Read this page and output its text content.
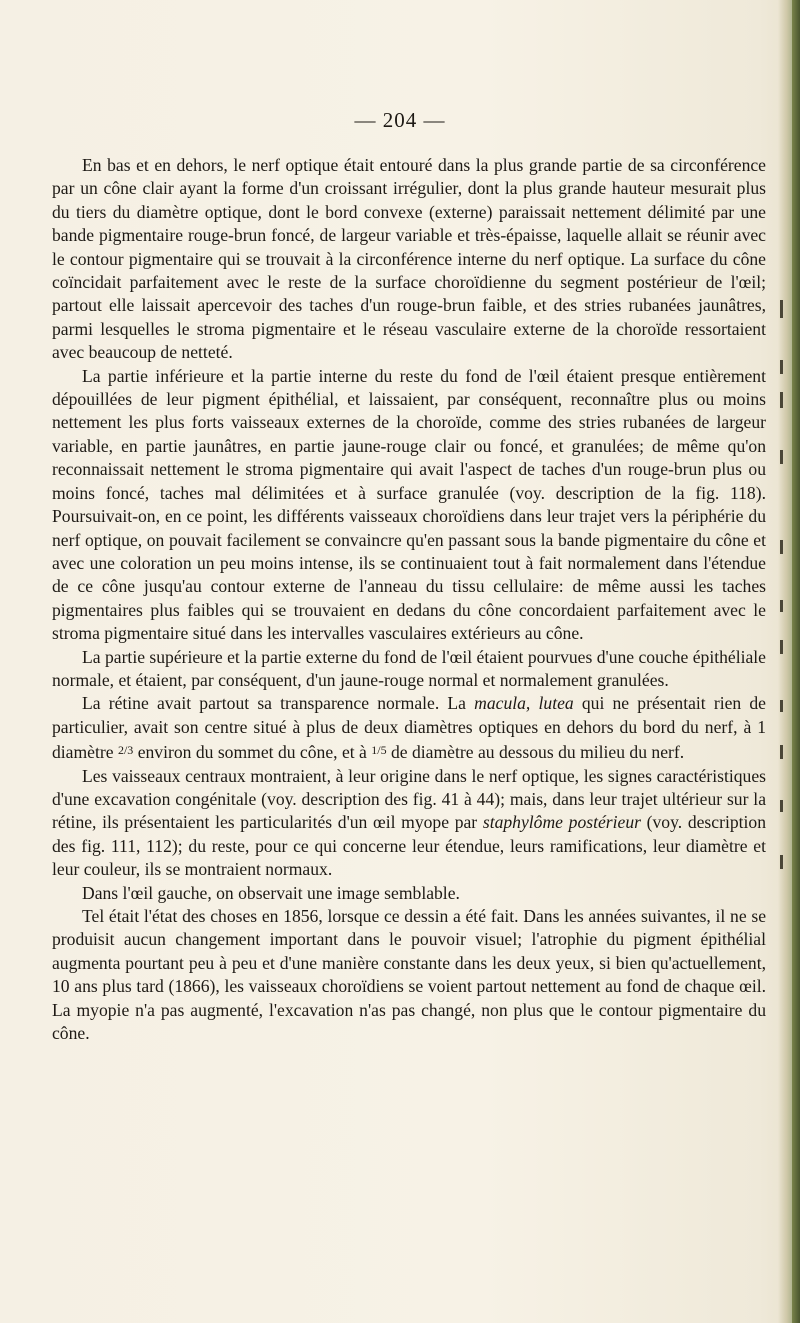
— 204 —

En bas et en dehors, le nerf optique était entouré dans la plus grande partie de sa circonférence par un cône clair ayant la forme d'un croissant irrégulier, dont la plus grande hauteur mesurait plus du tiers du diamètre optique, dont le bord convexe (externe) paraissait nettement délimité par une bande pigmentaire rouge-brun foncé, de largeur variable et très-épaisse, laquelle allait se réunir avec le contour pigmentaire qui se trouvait à la circonférence interne du nerf optique. La surface du cône coïncidait parfaitement avec le reste de la surface choroïdienne du segment postérieur de l'œil; partout elle laissait apercevoir des taches d'un rouge-brun faible, et des stries rubanées jaunâtres, parmi lesquelles le stroma pigmentaire et le réseau vasculaire externe de la choroïde ressortaient avec beaucoup de netteté.

La partie inférieure et la partie interne du reste du fond de l'œil étaient presque entièrement dépouillées de leur pigment épithélial, et laissaient, par conséquent, reconnaître plus ou moins nettement les plus forts vaisseaux externes de la choroïde, comme des stries rubanées de largeur variable, en partie jaunâtres, en partie jaune-rouge clair ou foncé, et granulées; de même qu'on reconnaissait nettement le stroma pigmentaire qui avait l'aspect de taches d'un rouge-brun plus ou moins foncé, taches mal délimitées et à surface granulée (voy. description de la fig. 118). Poursuivait-on, en ce point, les différents vaisseaux choroïdiens dans leur trajet vers la périphérie du nerf optique, on pouvait facilement se convaincre qu'en passant sous la bande pigmentaire du cône et avec une coloration un peu moins intense, ils se continuaient tout à fait normalement dans l'étendue de ce cône jusqu'au contour externe de l'anneau du tissu cellulaire: de même aussi les taches pigmentaires plus faibles qui se trouvaient en dedans du cône concordaient parfaitement avec le stroma pigmentaire situé dans les intervalles vasculaires extérieurs au cône.

La partie supérieure et la partie externe du fond de l'œil étaient pourvues d'une couche épithéliale normale, et étaient, par conséquent, d'un jaune-rouge normal et normalement granulées.

La rétine avait partout sa transparence normale. La macula, lutea qui ne présentait rien de particulier, avait son centre situé à plus de deux diamètres optiques en dehors du bord du nerf, à 1 diamètre $^{2/3}$ environ du sommet du cône, et à $^{1/5}$ de diamètre au dessous du milieu du nerf.

Les vaisseaux centraux montraient, à leur origine dans le nerf optique, les signes caractéristiques d'une excavation congénitale (voy. description des fig. 41 à 44); mais, dans leur trajet ultérieur sur la rétine, ils présentaient les particularités d'un œil myope par staphylôme postérieur (voy. description des fig. 111, 112); du reste, pour ce qui concerne leur étendue, leurs ramifications, leur diamètre et leur couleur, ils se montraient normaux.

Dans l'œil gauche, on observait une image semblable.

Tel était l'état des choses en 1856, lorsque ce dessin a été fait. Dans les années suivantes, il ne se produisit aucun changement important dans le pouvoir visuel; l'atrophie du pigment épithélial augmenta pourtant peu à peu et d'une manière constante dans les deux yeux, si bien qu'actuellement, 10 ans plus tard (1866), les vaisseaux choroïdiens se voient partout nettement au fond de chaque œil. La myopie n'a pas augmenté, l'excavation n'as pas changé, non plus que le contour pigmentaire du cône.
